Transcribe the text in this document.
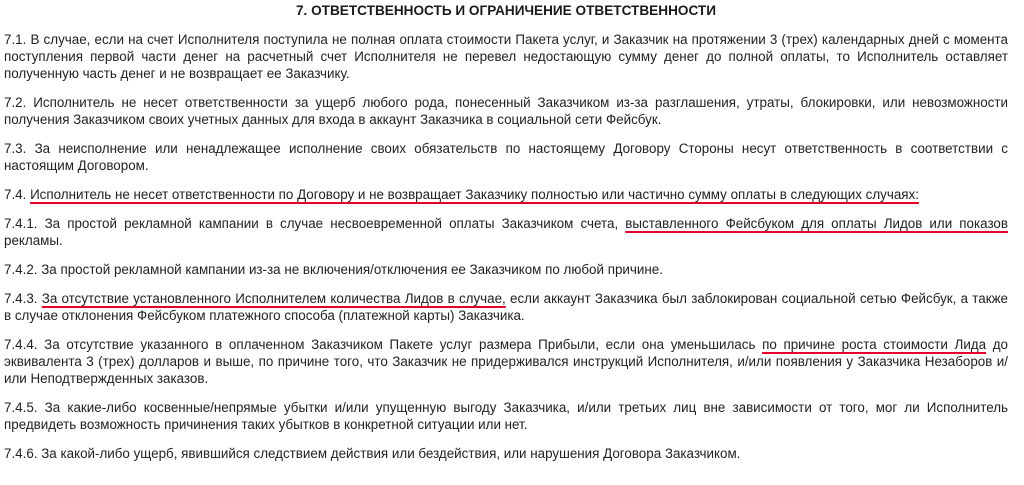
7. ОТВЕТСТВЕННОСТЬ И ОГРАНИЧЕНИЕ ОТВЕТСТВЕННОСТИ

7.1. В случае, если на счет Исполнителя поступила не полная оплата стоимости Пакета услуг, и Заказчик на протяжении 3 (трех) календарных дней с момента поступления первой части денег на расчетный счет Исполнителя не перевел недостающую сумму денег до полной оплаты, то Исполнитель оставляет полученную часть денег и не возвращает ее Заказчику.

7.2. Исполнитель не несет ответственности за ущерб любого рода, понесенный Заказчиком из-за разглашения, утраты, блокировки, или невозможности получения Заказчиком своих учетных данных для входа в аккаунт Заказчика в социальной сети Фейсбук.

7.3. За неисполнение или ненадлежащее исполнение своих обязательств по настоящему Договору Стороны несут ответственность в соответствии с настоящим Договором.

7.4. Исполнитель не несет ответственности по Договору и не возвращает Заказчику полностью или частично сумму оплаты в следующих случаях:

7.4.1. За простой рекламной кампании в случае несвоевременной оплаты Заказчиком счета, выставленного Фейсбуком для оплаты Лидов или показов рекламы.

7.4.2. За простой рекламной кампании из-за не включения/отключения ее Заказчиком по любой причине.

7.4.3. За отсутствие установленного Исполнителем количества Лидов в случае, если аккаунт Заказчика был заблокирован социальной сетью Фейсбук, а также в случае отклонения Фейсбуком платежного способа (платежной карты) Заказчика.

7.4.4. За отсутствие указанного в оплаченном Заказчиком Пакете услуг размера Прибыли, если она уменьшилась по причине роста стоимости Лида до эквивалента 3 (трех) долларов и выше, по причине того, что Заказчик не придерживался инструкций Исполнителя, и/или появления у Заказчика Незаборов и/или Неподтвержденных заказов.

7.4.5. За какие-либо косвенные/непрямые убытки и/или упущенную выгоду Заказчика, и/или третьих лиц вне зависимости от того, мог ли Исполнитель предвидеть возможность причинения таких убытков в конкретной ситуации или нет.

7.4.6. За какой-либо ущерб, явившийся следствием действия или бездействия, или нарушения Договора Заказчиком.
